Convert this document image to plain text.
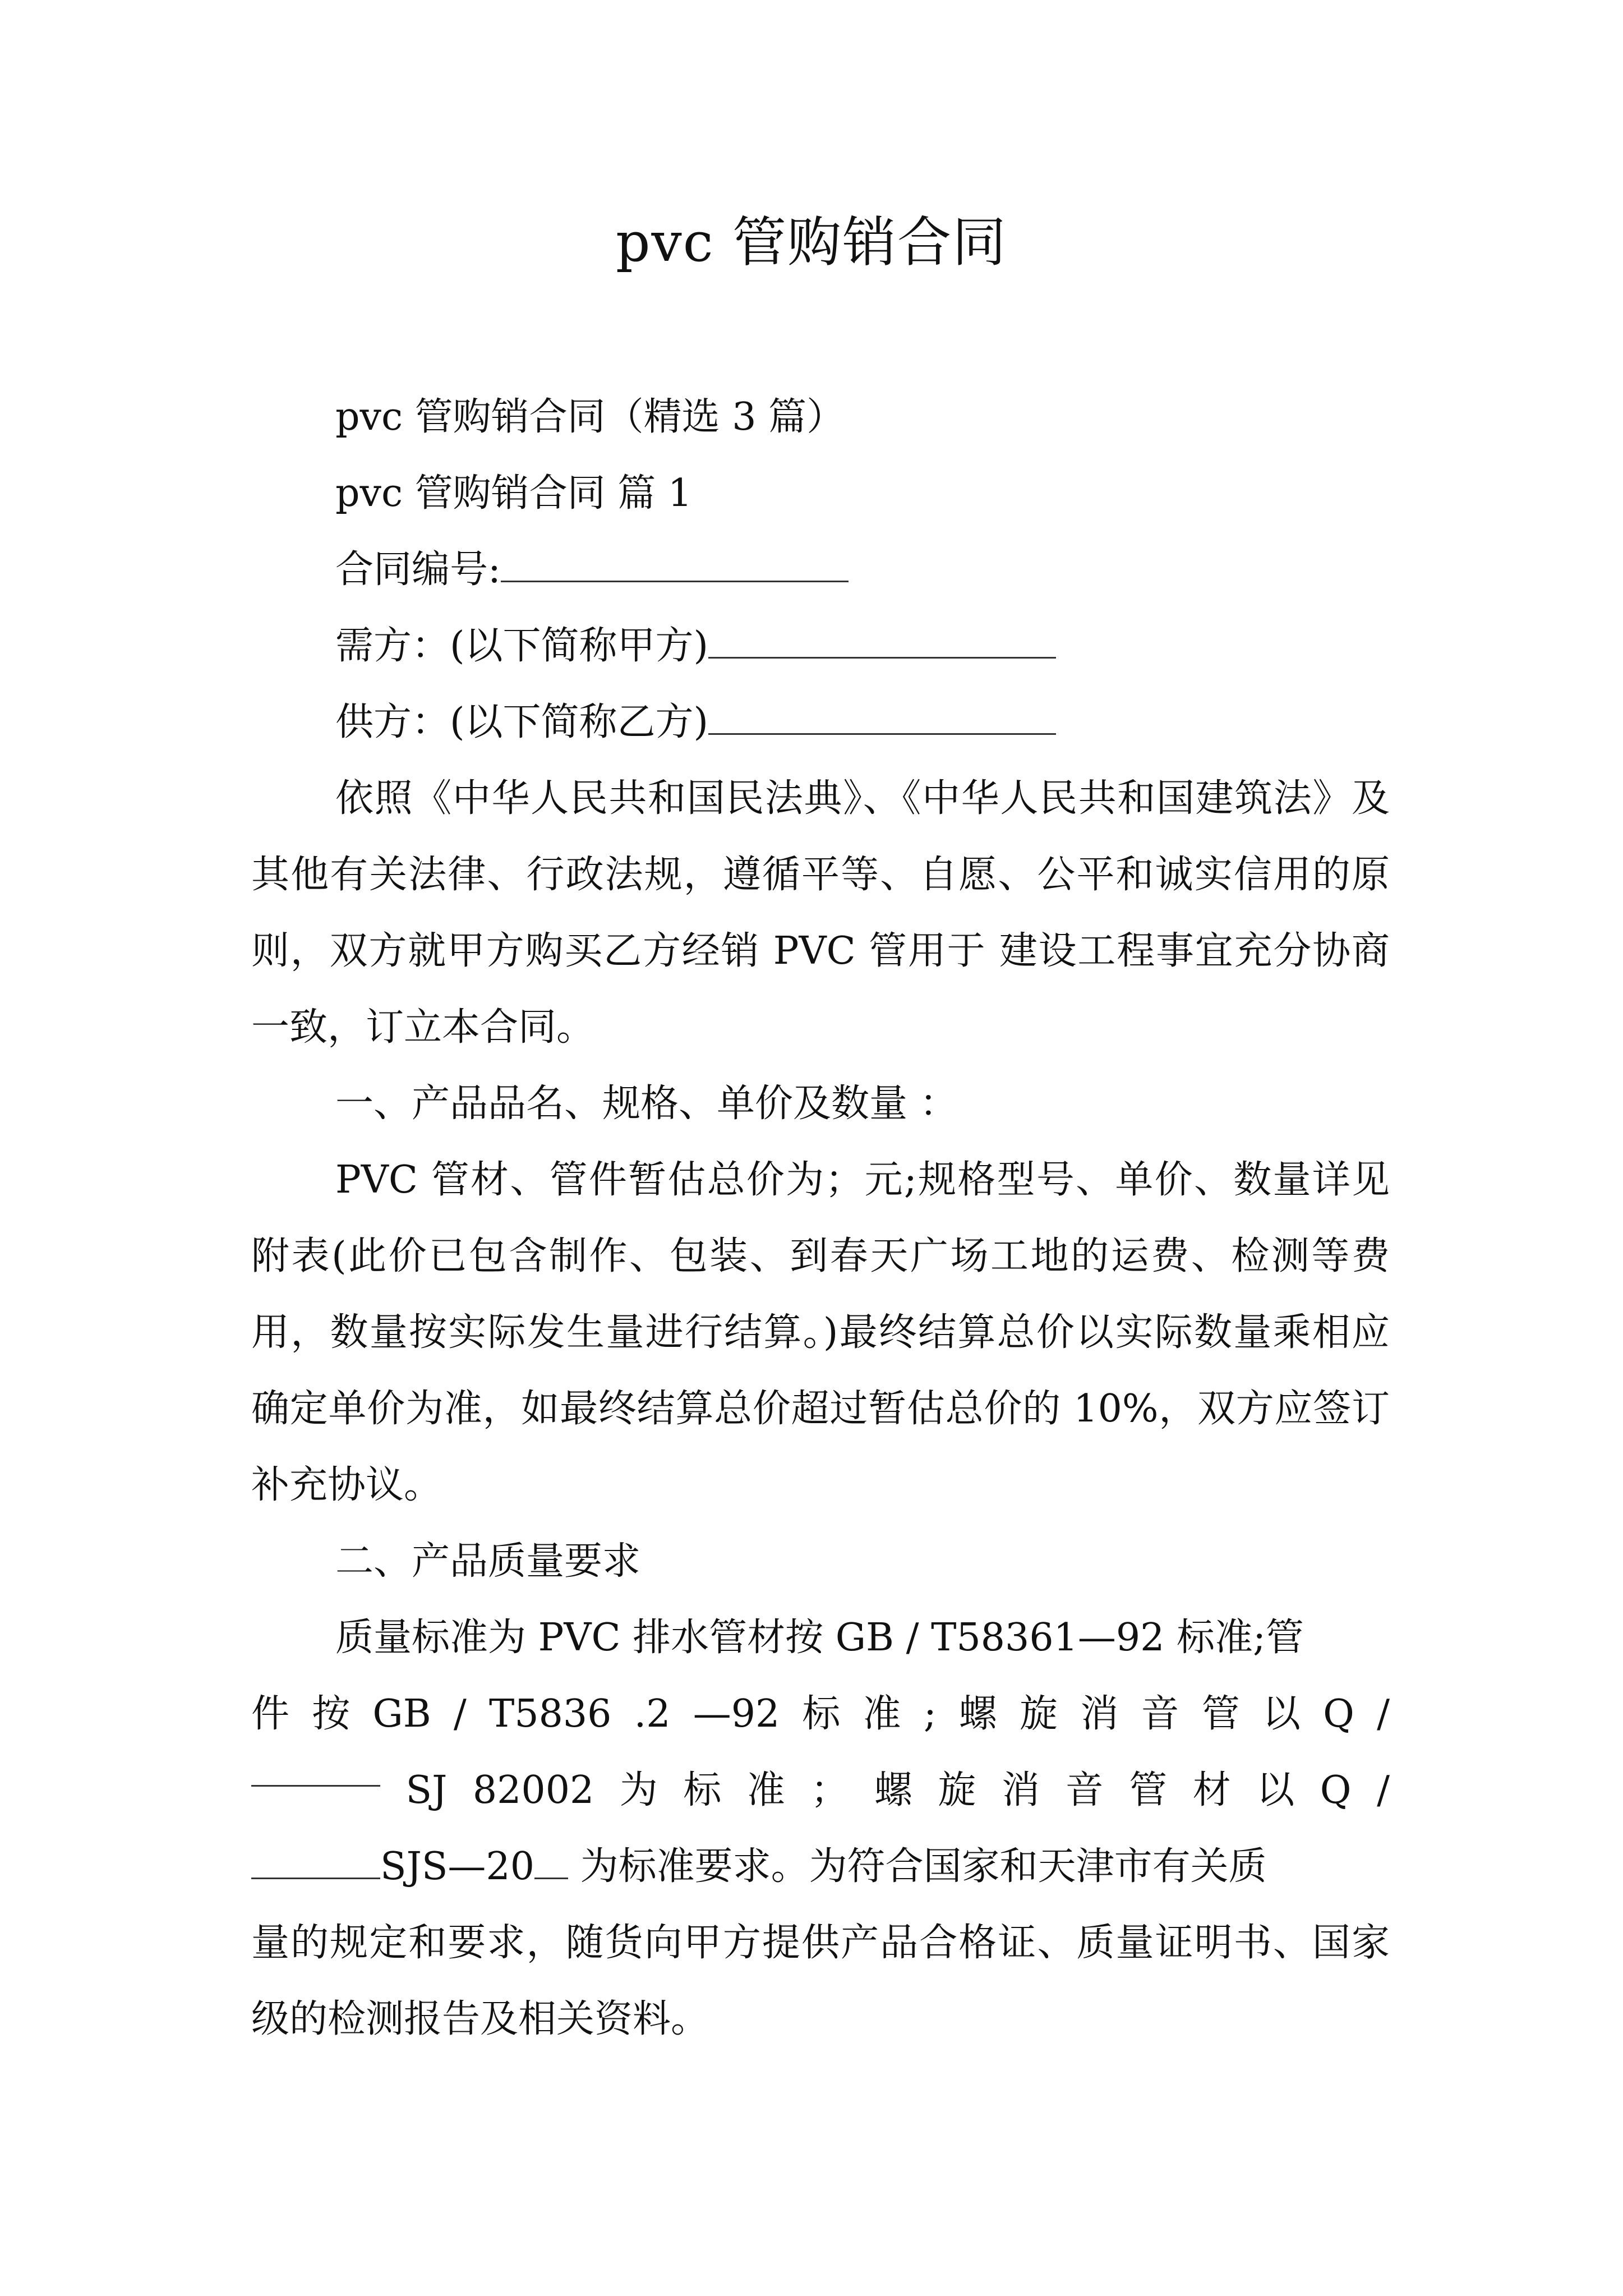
pvc 管购销合同
pvc 管购销合同（精选 3 篇）
pvc 管购销合同 篇 1
合同编号:
需方：(以下简称甲方)
供方：(以下简称乙方)
依照《中华人民共和国民法典》、《中华人民共和国建筑法》及其他有关法律、行政法规，遵循平等、自愿、公平和诚实信用的原则，双方就甲方购买乙方经销 PVC 管用于 建设工程事宜充分协商一致，订立本合同。
一、产品品名、规格、单价及数量 ：
PVC 管材、管件暂估总价为；元;规格型号、单价、数量详见附表(此价已包含制作、包装、到春天广场工地的运费、检测等费用，数量按实际发生量进行结算。)最终结算总价以实际数量乘相应确定单价为准，如最终结算总价超过暂估总价的 10%，双方应签订补充协议。
二、产品质量要求
质量标准为 PVC 排水管材按 GB / T58361—92 标准;管
件 按 GB / T5836 .2 —92 标 准 ; 螺 旋 消 音 管 以 Q /
SJ 82002 为 标 准 ； 螺 旋 消 音 管 材 以 Q /
SJS—20 为标准要求。为符合国家和天津市有关质
量的规定和要求，随货向甲方提供产品合格证、质量证明书、国家级的检测报告及相关资料。
